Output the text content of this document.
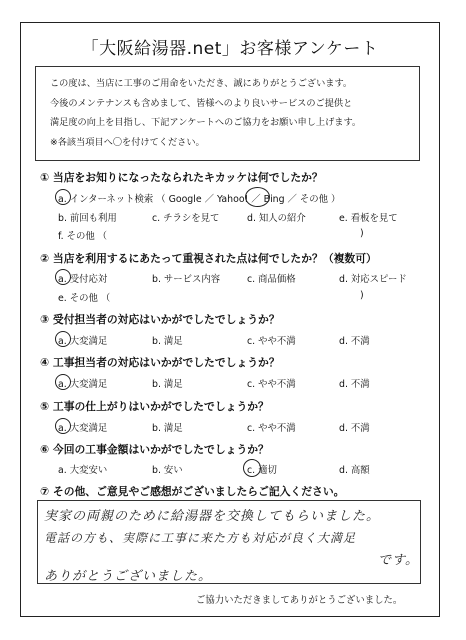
「大阪給湯器.net」お客様アンケート
この度は、当店に工事のご用命をいただき、誠にありがとうございます。
今後のメンテナンスも含めまして、皆様へのより良いサービスのご提供と
満足度の向上を目指し、下記アンケートへのご協力をお願い申し上げます。
※各該当項目へ〇を付けてください。
① 当店をお知りになったなられたキカッケは何でしたか？
a. インターネット検索 （ Google ／ Yahoo! ／ Bing ／ その他 ）
b. 前回も利用	c. チラシを見て	d. 知人の紹介	e. 看板を見て
f. その他 （	)
② 当店を利用するにあたって重視された点は何でしたか？（複数可）
a. 受付応対	b. サービス内容	c. 商品価格	d. 対応スピード
e. その他 （	)
③ 受付担当者の対応はいかがでしたでしょうか？
a. 大変満足	b. 満足	c. やや不満	d. 不満
④ 工事担当者の対応はいかがでしたでしょうか？
a. 大変満足	b. 満足	c. やや不満	d. 不満
⑤ 工事の仕上がりはいかがでしたでしょうか？
a. 大変満足	b. 満足	c. やや不満	d. 不満
⑥ 今回の工事金額はいかがでしたでしょうか？
a. 大変安い	b. 安い	c. 適切	d. 高額
⑦ その他、ご意見やご感想がございましたらご記入ください。
実家の両親のために給湯器を交換してもらいました。
電話の方も、実際に工事に来た方も対応が良く大満足
です。
ありがとうございました。
ご協力いただきましてありがとうございました。
